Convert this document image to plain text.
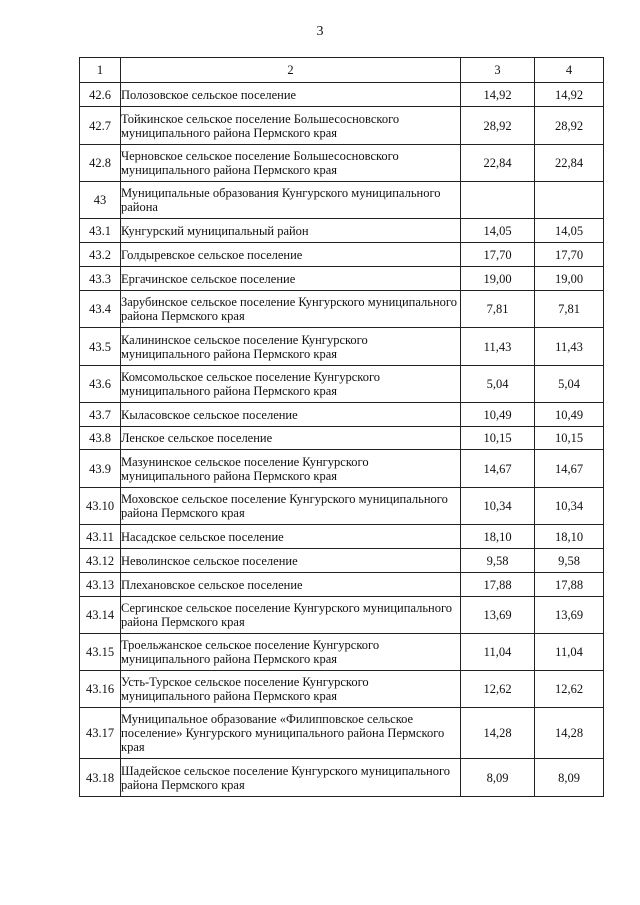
3
1	2	3	4
42.6	Полозовское сельское поселение	14,92	14,92
42.7	Тойкинское сельское поселение Большесосновского муниципального района Пермского края	28,92	28,92
42.8	Черновское сельское поселение Большесосновского муниципального района Пермского края	22,84	22,84
43	Муниципальные образования Кунгурского муниципального района		
43.1	Кунгурский муниципальный район	14,05	14,05
43.2	Голдыревское сельское поселение	17,70	17,70
43.3	Ергачинское сельское поселение	19,00	19,00
43.4	Зарубинское сельское поселение Кунгурского муниципального района Пермского края	7,81	7,81
43.5	Калининское сельское поселение Кунгурского муниципального района Пермского края	11,43	11,43
43.6	Комсомольское сельское поселение Кунгурского муниципального района Пермского края	5,04	5,04
43.7	Кыласовское сельское поселение	10,49	10,49
43.8	Ленское сельское поселение	10,15	10,15
43.9	Мазунинское сельское поселение Кунгурского муниципального района Пермского края	14,67	14,67
43.10	Моховское сельское поселение Кунгурского муниципального района Пермского края	10,34	10,34
43.11	Насадское сельское поселение	18,10	18,10
43.12	Неволинское сельское поселение	9,58	9,58
43.13	Плехановское сельское поселение	17,88	17,88
43.14	Сергинское сельское поселение Кунгурского муниципального района Пермского края	13,69	13,69
43.15	Троельжанское сельское поселение Кунгурского муниципального района Пермского края	11,04	11,04
43.16	Усть-Турское сельское поселение Кунгурского муниципального района Пермского края	12,62	12,62
43.17	Муниципальное образование «Филипповское сельское поселение» Кунгурского муниципального района Пермского края	14,28	14,28
43.18	Шадейское сельское поселение Кунгурского муниципального района Пермского края	8,09	8,09
